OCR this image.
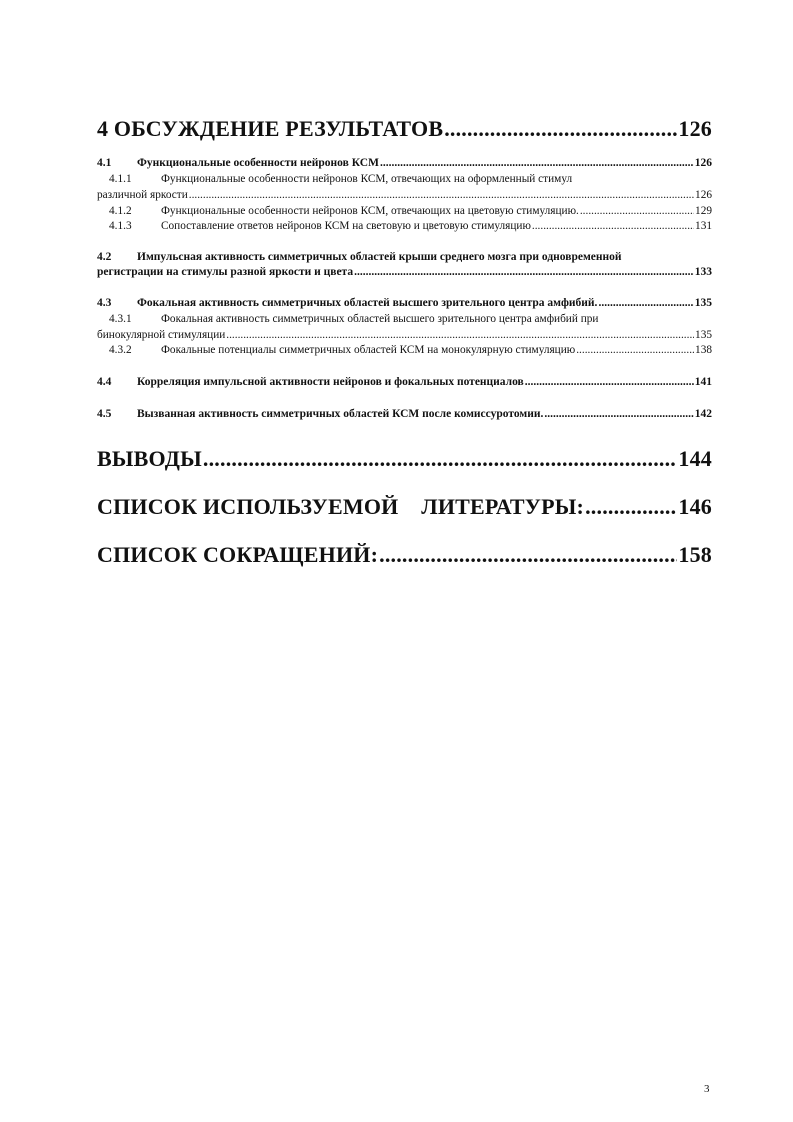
4 ОБСУЖДЕНИЕ РЕЗУЛЬТАТОВ .....	126
4.1 Функциональные особенности нейронов КСМ .....	126
4.1.1	Функциональные особенности нейронов КСМ, отвечающих на оформленный стимул
различной яркости .....	126
4.1.2	Функциональные особенности нейронов КСМ, отвечающих на цветовую стимуляцию. .....	129
4.1.3	Сопоставление ответов нейронов КСМ на световую и цветовую стимуляцию .....	131
4.2 Импульсная активность симметричных областей крыши среднего мозга при одновременной
регистрации на стимулы разной яркости и цвета .....	133
4.3 Фокальная активность симметричных областей высшего зрительного центра амфибий. .....	135
4.3.1	Фокальная активность симметричных областей высшего зрительного центра амфибий при
бинокулярной стимуляции .....	135
4.3.2	Фокальные потенциалы симметричных областей КСМ на монокулярную стимуляцию .....	138
4.4 Корреляция импульсной активности нейронов и фокальных потенциалов .....	141
4.5 Вызванная активность симметричных областей КСМ после комиссуротомии. .....	142
ВЫВОДЫ .....	144
СПИСОК ИСПОЛЬЗУЕМОЙ    ЛИТЕРАТУРЫ: .....	146
СПИСОК СОКРАЩЕНИЙ: .....	158
3
